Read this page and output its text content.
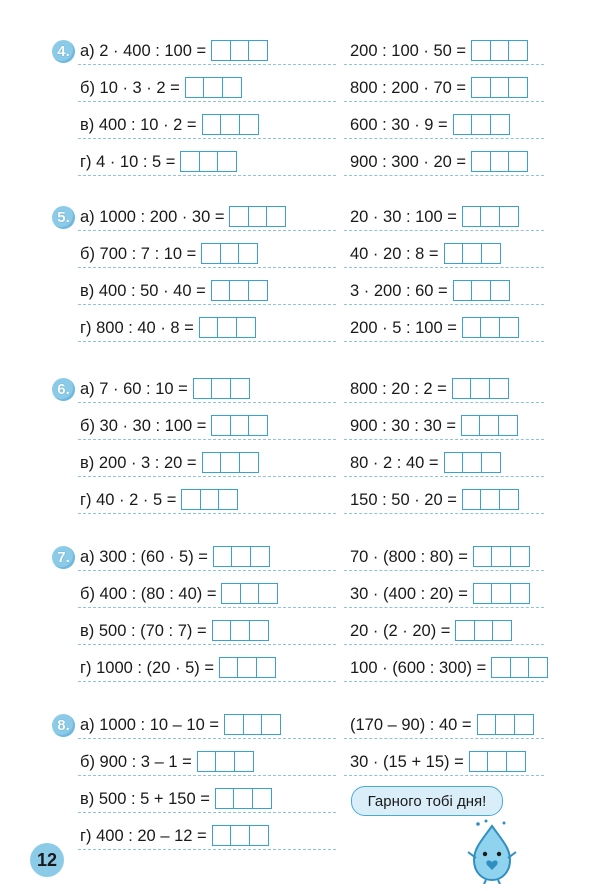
4. а) 2 · 400 : 100 =	200 : 100 · 50 =
б) 10 · 3 · 2 =	800 : 200 · 70 =
в) 400 : 10 · 2 =	600 : 30 · 9 =
г) 4 · 10 : 5 =	900 : 300 · 20 =
5. а) 1000 : 200 · 30 =	20 · 30 : 100 =
б) 700 : 7 : 10 =	40 · 20 : 8 =
в) 400 : 50 · 40 =	3 · 200 : 60 =
г) 800 : 40 · 8 =	200 · 5 : 100 =
6. а) 7 · 60 : 10 =	800 : 20 : 2 =
б) 30 · 30 : 100 =	900 : 30 : 30 =
в) 200 · 3 : 20 =	80 · 2 : 40 =
г) 40 · 2 · 5 =	150 : 50 · 20 =
7. а) 300 : (60 · 5) =	70 · (800 : 80) =
б) 400 : (80 : 40) =	30 · (400 : 20) =
в) 500 : (70 : 7) =	20 · (2 · 20) =
г) 1000 : (20 · 5) =	100 · (600 : 300) =
8. а) 1000 : 10 – 10 =	(170 – 90) : 40 =
б) 900 : 3 – 1 =	30 · (15 + 15) =
в) 500 : 5 + 150 =
г) 400 : 20 – 12 =
Гарного тобі дня!
12
